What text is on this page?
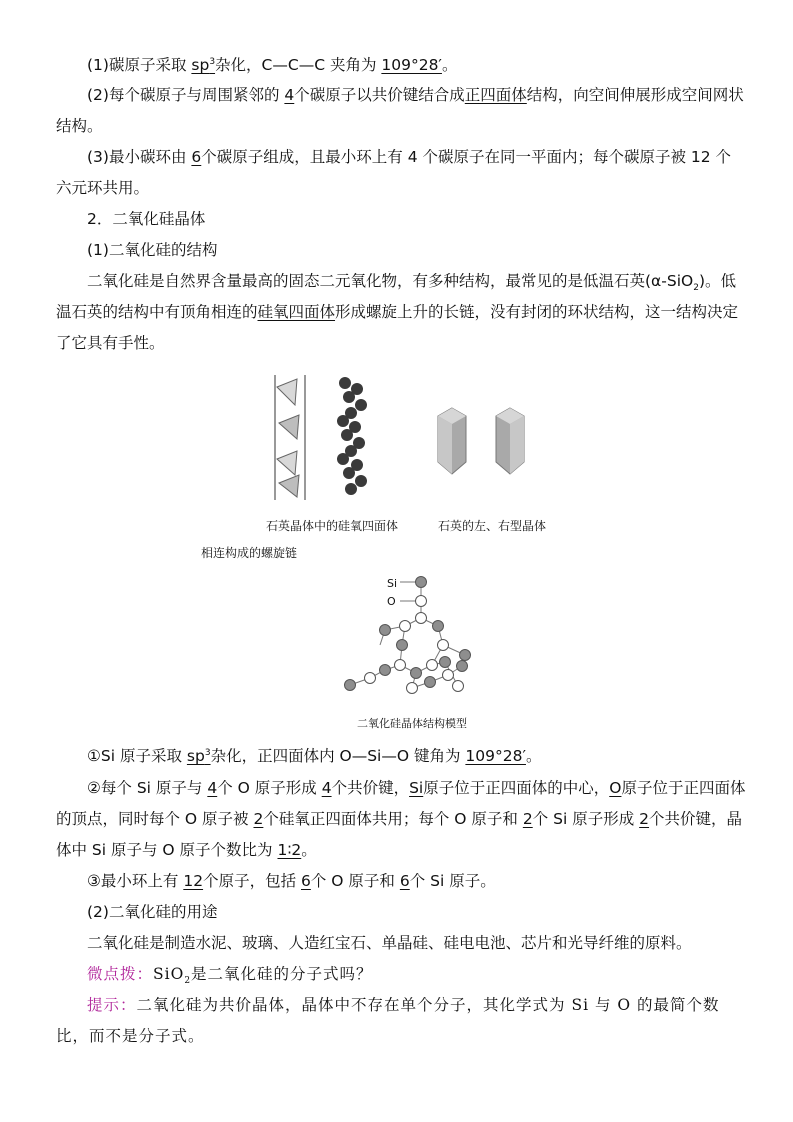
(1)碳原子采取 $sp^3$杂化，C—C—C 夹角为 109°28′。

(2)每个碳原子与周围紧邻的 4个碳原子以共价键结合成正四面体结构，向空间伸展形成空间网状结构。

(3)最小碳环由 6个碳原子组成，且最小环上有 4 个碳原子在同一平面内；每个碳原子被 12 个六元环共用。

2．二氧化硅晶体

(1)二氧化硅的结构

二氧化硅是自然界含量最高的固态二元氧化物，有多种结构，最常见的是低温石英(α-SiO$_2$)。低温石英的结构中有顶角相连的硅氧四面体形成螺旋上升的长链，没有封闭的环状结构，这一结构决定了它具有手性。

石英晶体中的硅氧四面体
相连构成的螺旋链
石英的左、右型晶体
Si
O
二氧化硅晶体结构模型

①Si 原子采取 $sp^3$杂化，正四面体内 O—Si—O 键角为 109°28′。

②每个 Si 原子与 4个 O 原子形成 4个共价键，Si原子位于正四面体的中心，O原子位于正四面体的顶点，同时每个 O 原子被 2个硅氧正四面体共用；每个 O 原子和 2个 Si 原子形成 2个共价键，晶体中 Si 原子与 O 原子个数比为 1∶2。

③最小环上有 12个原子，包括 6个 O 原子和 6个 Si 原子。

(2)二氧化硅的用途

二氧化硅是制造水泥、玻璃、人造红宝石、单晶硅、硅电电池、芯片和光导纤维的原料。

微点拨：SiO$_2$是二氧化硅的分子式吗？

提示：二氧化硅为共价晶体，晶体中不存在单个分子，其化学式为 Si 与 O 的最简个数比，而不是分子式。
